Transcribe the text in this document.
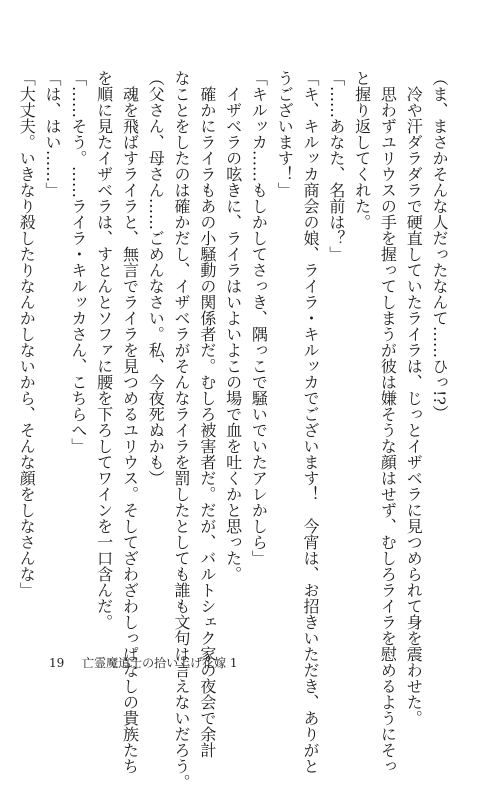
（ま、まさかそんな人だったなんて……ひっ!?）
　冷や汗ダラダラで硬直していたライラは、じっとイザベラに見つめられて身を震わせた。
　思わずユリウスの手を握ってしまうが彼は嫌そうな顔はせず、むしろライラを慰めるようにそっ
と握り返してくれた。
「……あなた、名前は？」
「キ、キルッカ商会の娘、ライラ・キルッカでございます！　今宵は、お招きいただき、ありがと
うございます！」
「キルッカ……もしかしてさっき、隅っこで騒いでいたアレかしら」
　イザベラの呟きに、ライラはいよいよこの場で血を吐くかと思った。
　確かにライラもあの小騒動の関係者だ。むしろ被害者だ。だが、バルトシェク家の夜会で余計
なことをしたのは確かだし、イザベラがそんなライラを罰したとしても誰も文句は言えないだろう。
（父さん、母さん……ごめんなさい。私、今夜死ぬかも）
　魂を飛ばすライラと、無言でライラを見つめるユリウス。そしてざわざわしっぱなしの貴族たち
を順に見たイザベラは、すとんとソファに腰を下ろしてワインを一口含んだ。
「……そう。……ライラ・キルッカさん、こちらへ」
「は、はい……」
「大丈夫。いきなり殺したりなんかしないから、そんな顔をしなさんな」
19 亡霊魔道士の拾い上げ花嫁 1
